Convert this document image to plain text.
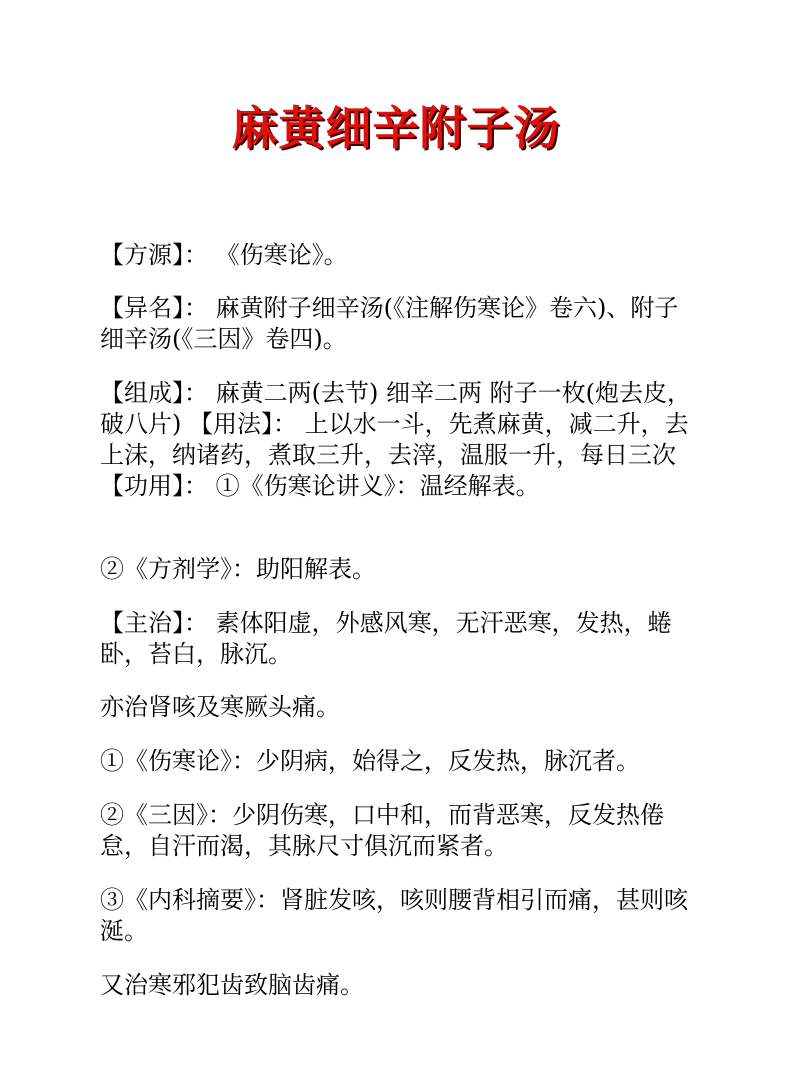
麻黄细辛附子汤

【方源】： 《伤寒论》。

【异名】： 麻黄附子细辛汤(《注解伤寒论》卷六)、附子细辛汤(《三因》卷四)。

【组成】： 麻黄二两(去节) 细辛二两 附子一枚(炮去皮，破八片) 【用法】： 上以水一斗，先煮麻黄，减二升，去上沫，纳诸药，煮取三升，去滓，温服一升，每日三次 【功用】： ①《伤寒论讲义》：温经解表。

②《方剂学》：助阳解表。

【主治】： 素体阳虚，外感风寒，无汗恶寒，发热，蜷卧，苔白，脉沉。

亦治肾咳及寒厥头痛。

①《伤寒论》：少阴病，始得之，反发热，脉沉者。

②《三因》：少阴伤寒，口中和，而背恶寒，反发热倦怠，自汗而渴，其脉尺寸俱沉而紧者。

③《内科摘要》：肾脏发咳，咳则腰背相引而痛，甚则咳涎。

又治寒邪犯齿致脑齿痛。
